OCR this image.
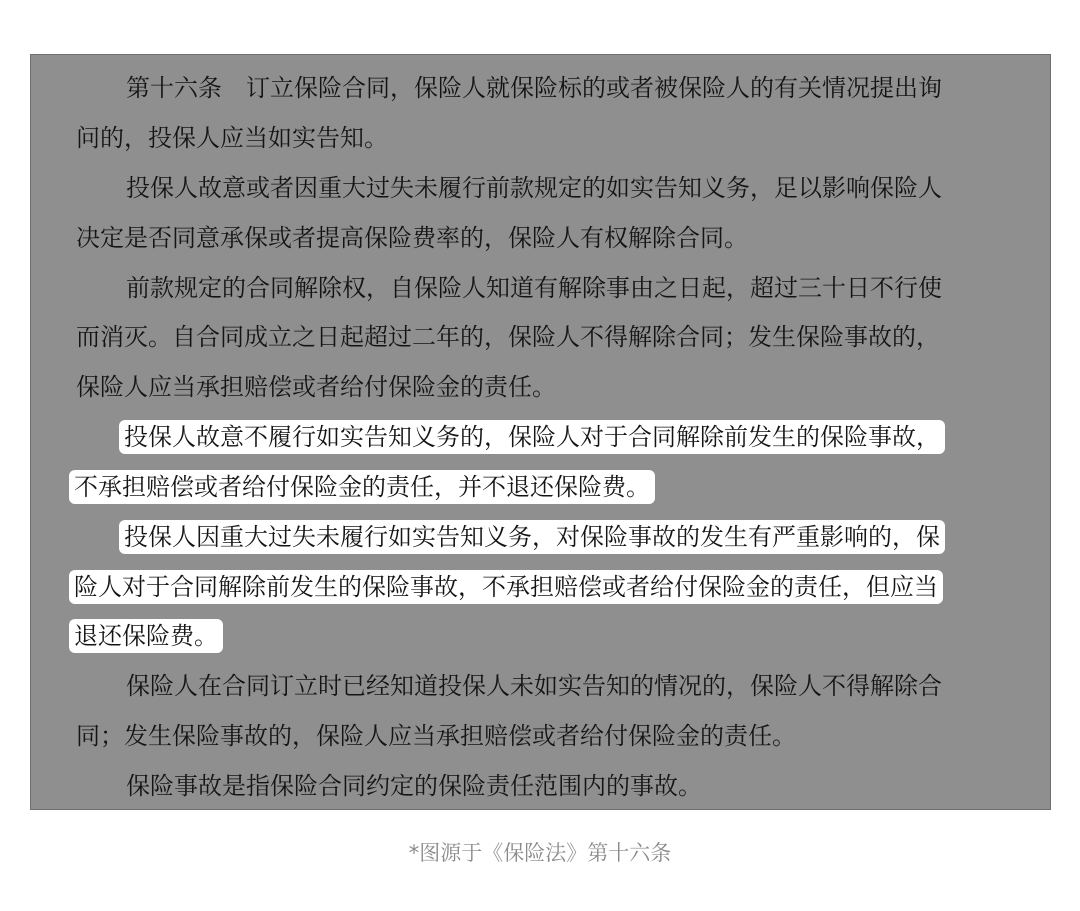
第十六条　订立保险合同，保险人就保险标的或者被保险人的有关情况提出询
问的，投保人应当如实告知。
投保人故意或者因重大过失未履行前款规定的如实告知义务，足以影响保险人
决定是否同意承保或者提高保险费率的，保险人有权解除合同。
前款规定的合同解除权，自保险人知道有解除事由之日起，超过三十日不行使
而消灭。自合同成立之日起超过二年的，保险人不得解除合同；发生保险事故的，
保险人应当承担赔偿或者给付保险金的责任。
投保人故意不履行如实告知义务的，保险人对于合同解除前发生的保险事故，
不承担赔偿或者给付保险金的责任，并不退还保险费。
投保人因重大过失未履行如实告知义务，对保险事故的发生有严重影响的，保
险人对于合同解除前发生的保险事故，不承担赔偿或者给付保险金的责任，但应当
退还保险费。
保险人在合同订立时已经知道投保人未如实告知的情况的，保险人不得解除合
同；发生保险事故的，保险人应当承担赔偿或者给付保险金的责任。
保险事故是指保险合同约定的保险责任范围内的事故。
*图源于《保险法》第十六条
